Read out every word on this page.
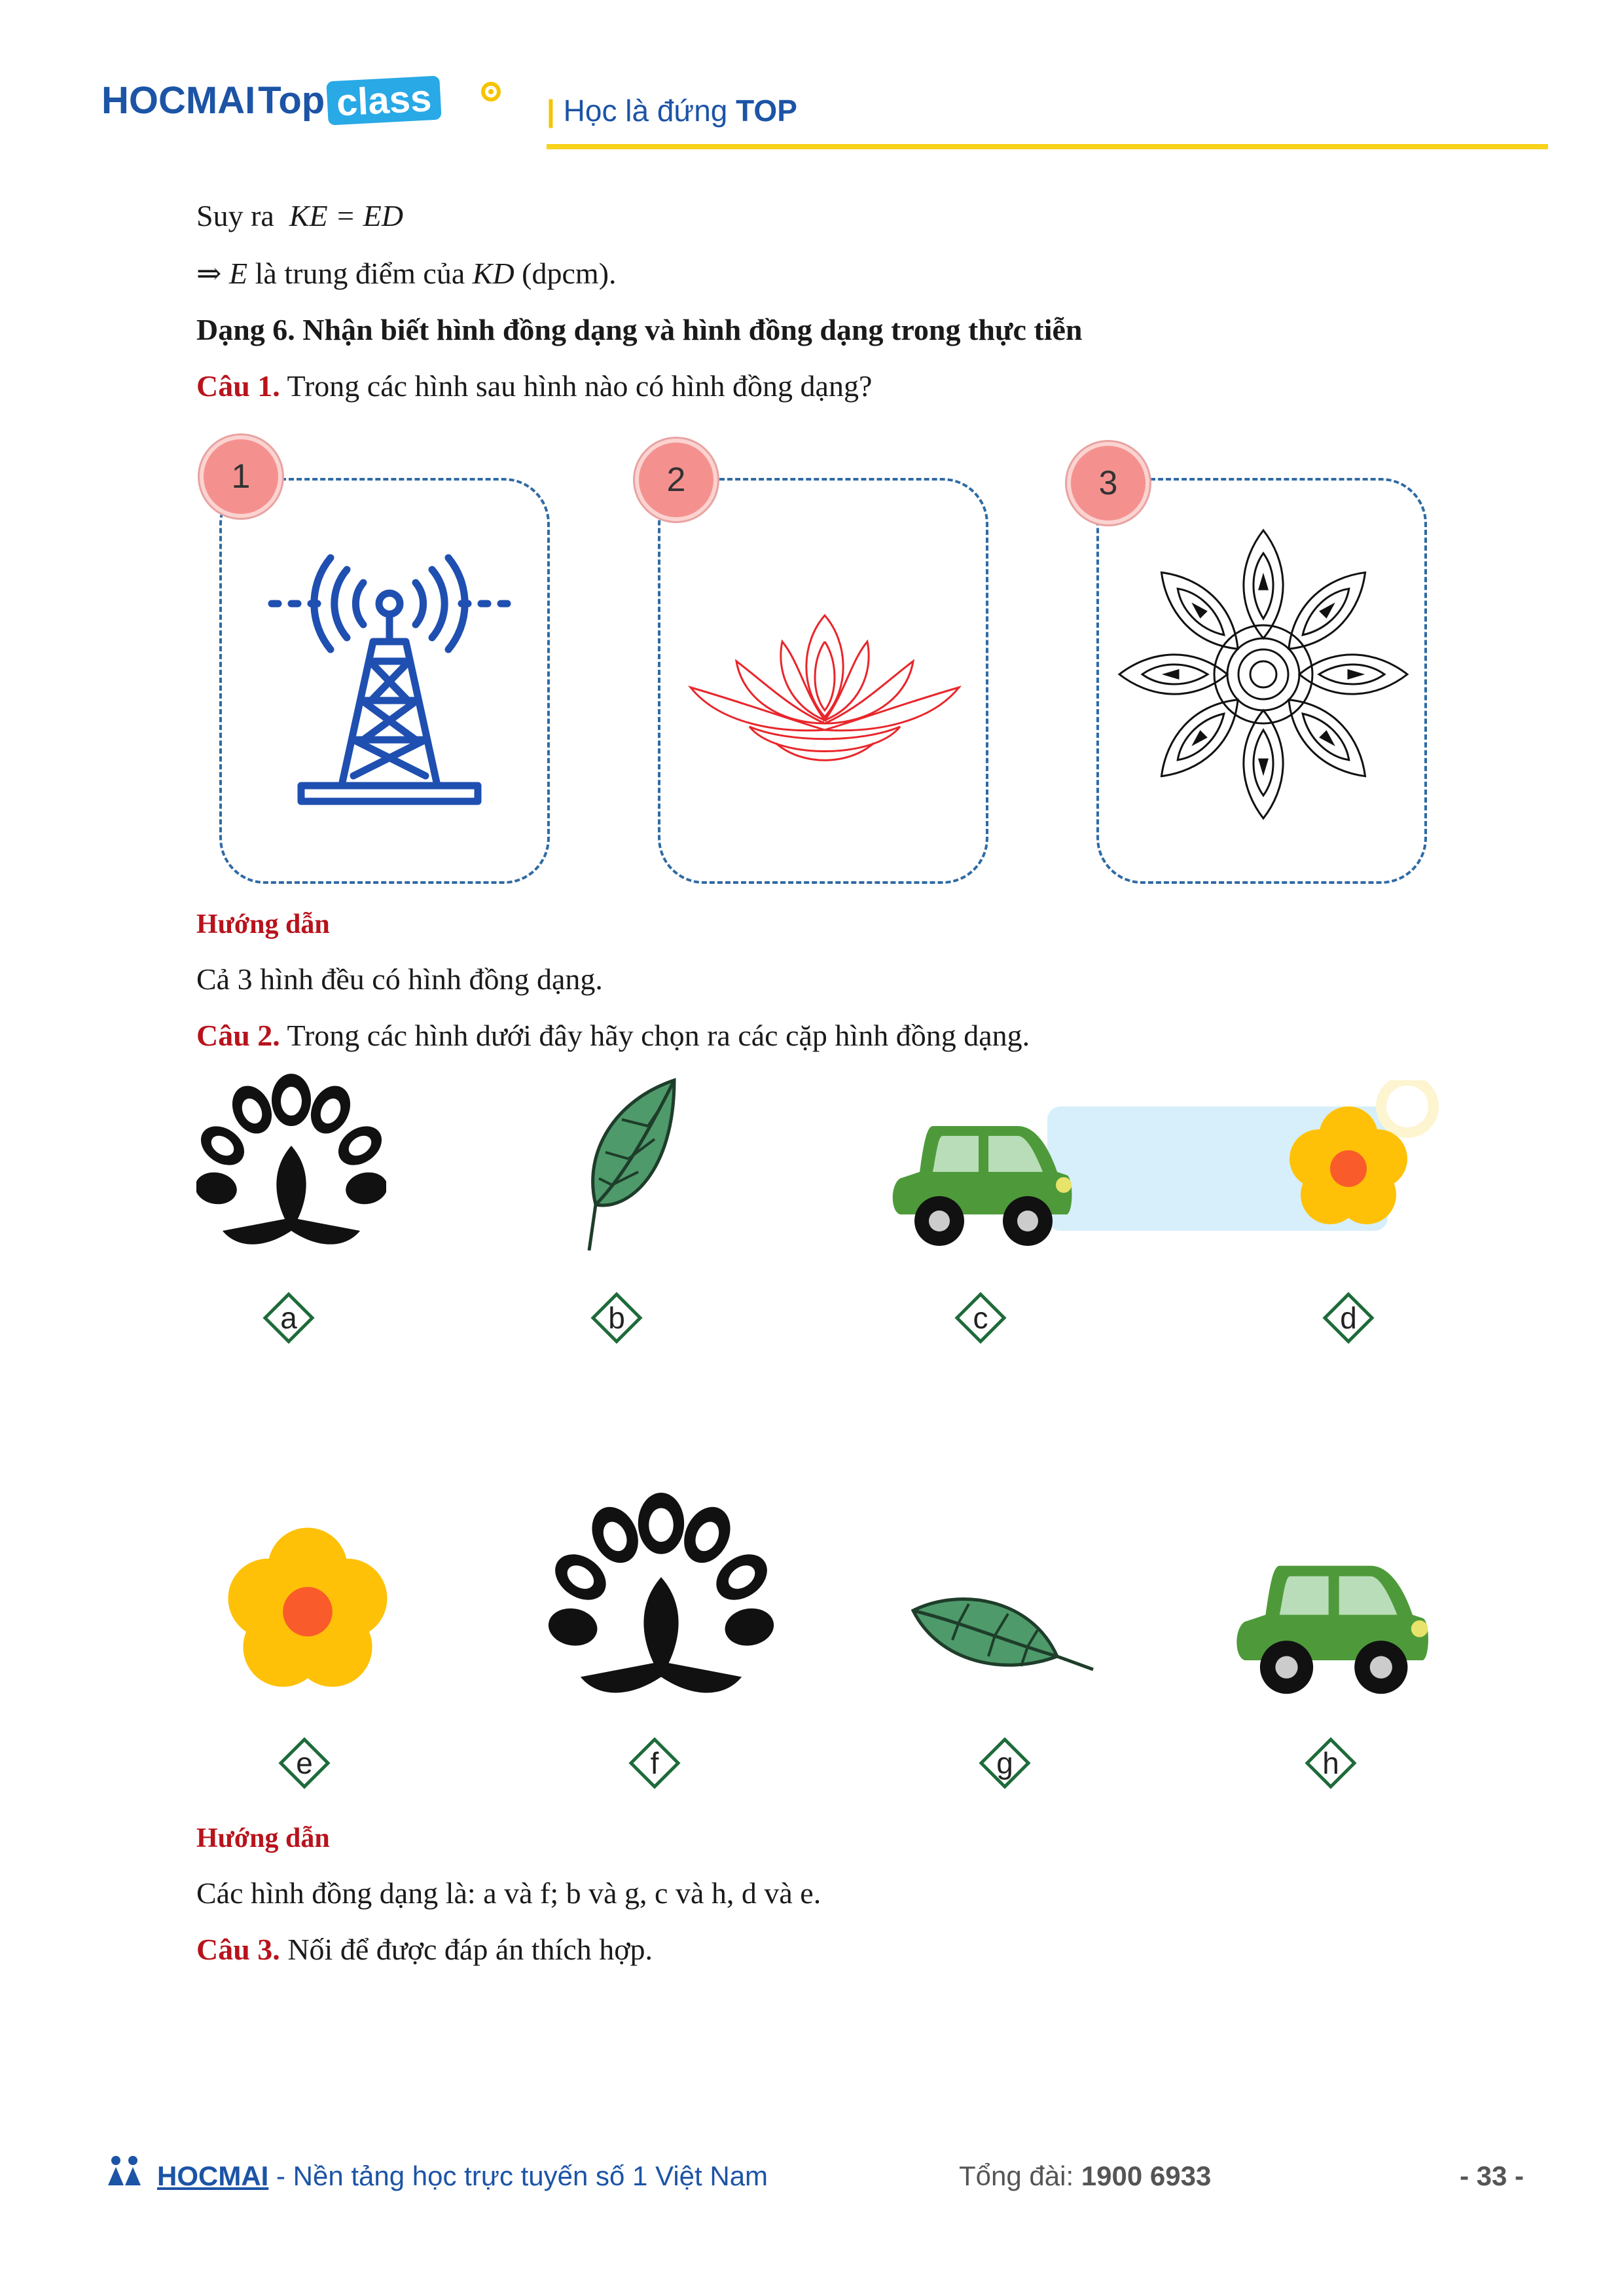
HOCMAI Top class	| Học là đứng TOP
Suy ra KE = ED
⇒ E là trung điểm của KD (dpcm).
Dạng 6. Nhận biết hình đồng dạng và hình đồng dạng trong thực tiễn
Câu 1. Trong các hình sau hình nào có hình đồng dạng?
1	2	3
Hướng dẫn
Cả 3 hình đều có hình đồng dạng.
Câu 2. Trong các hình dưới đây hãy chọn ra các cặp hình đồng dạng.
a	b	c	d
e	f	g	h
Hướng dẫn
Các hình đồng dạng là: a và f; b và g, c và h, d và e.
Câu 3. Nối để được đáp án thích hợp.
HOCMAI - Nền tảng học trực tuyến số 1 Việt Nam	Tổng đài: 1900 6933	- 33 -
